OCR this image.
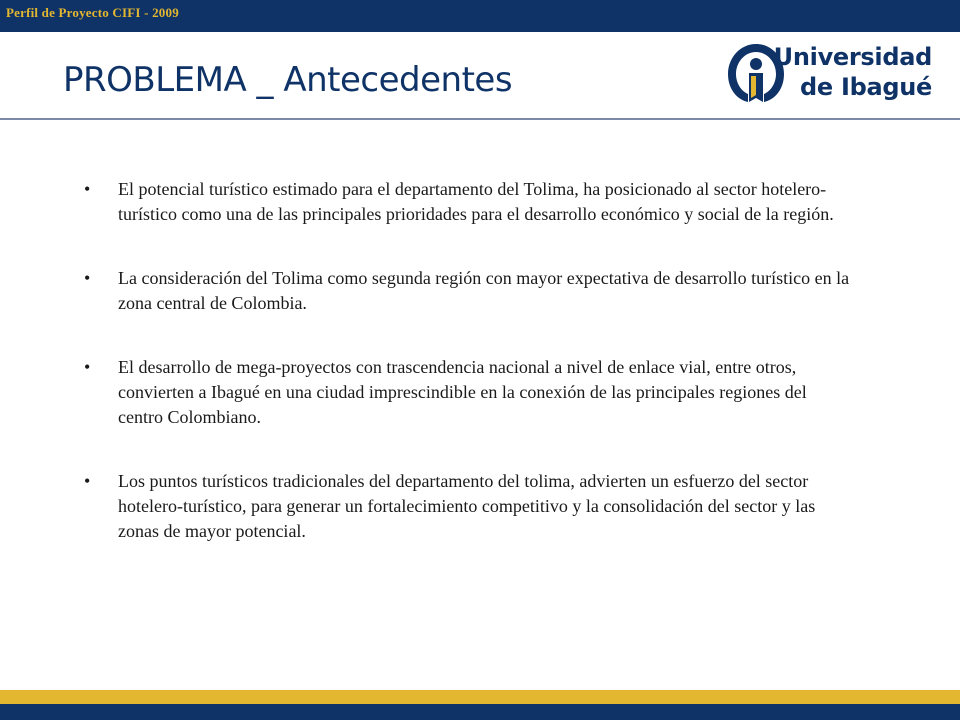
Perfil de Proyecto CIFI - 2009
PROBLEMA _ Antecedentes
Universidad
de Ibagué
•	El potencial turístico estimado para el departamento del Tolima, ha posicionado al sector hotelero-turístico como una de las principales prioridades para el desarrollo económico y social de la región.
•	La consideración del Tolima como segunda región con mayor expectativa de desarrollo turístico en la zona central de Colombia.
•	El desarrollo de mega-proyectos con trascendencia nacional a nivel de enlace vial, entre otros, convierten a Ibagué en una ciudad imprescindible en la conexión de las principales regiones del centro Colombiano.
•	Los puntos turísticos tradicionales del departamento del tolima, advierten un esfuerzo del sector hotelero-turístico, para generar un fortalecimiento competitivo y la consolidación del sector y las zonas de mayor potencial.
